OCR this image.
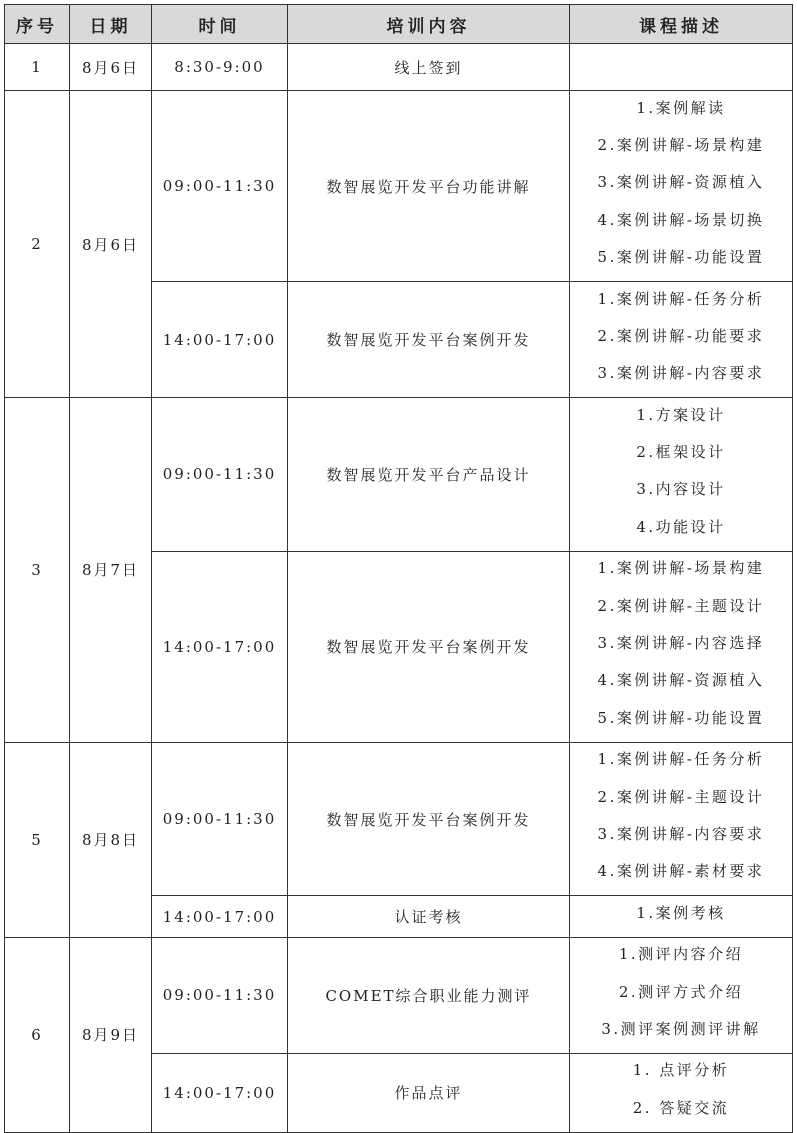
序号	日期	时间	培训内容	课程描述
1	8月6日	8:30-9:00	线上签到	
2	8月6日	09:00-11:30	数智展览开发平台功能讲解	1.案例解读
2.案例讲解-场景构建
3.案例讲解-资源植入
4.案例讲解-场景切换
5.案例讲解-功能设置

		14:00-17:00	数智展览开发平台案例开发	1.案例讲解-任务分析
2.案例讲解-功能要求
3.案例讲解-内容要求

3	8月7日	09:00-11:30	数智展览开发平台产品设计	1.方案设计
2.框架设计
3.内容设计
4.功能设计

		14:00-17:00	数智展览开发平台案例开发	1.案例讲解-场景构建
2.案例讲解-主题设计
3.案例讲解-内容选择
4.案例讲解-资源植入
5.案例讲解-功能设置

5	8月8日	09:00-11:30	数智展览开发平台案例开发	1.案例讲解-任务分析
2.案例讲解-主题设计
3.案例讲解-内容要求
4.案例讲解-素材要求

		14:00-17:00	认证考核	1.案例考核

6	8月9日	09:00-11:30	COMET综合职业能力测评	1.测评内容介绍
2.测评方式介绍
3.测评案例测评讲解

		14:00-17:00	作品点评	1. 点评分析
2. 答疑交流
